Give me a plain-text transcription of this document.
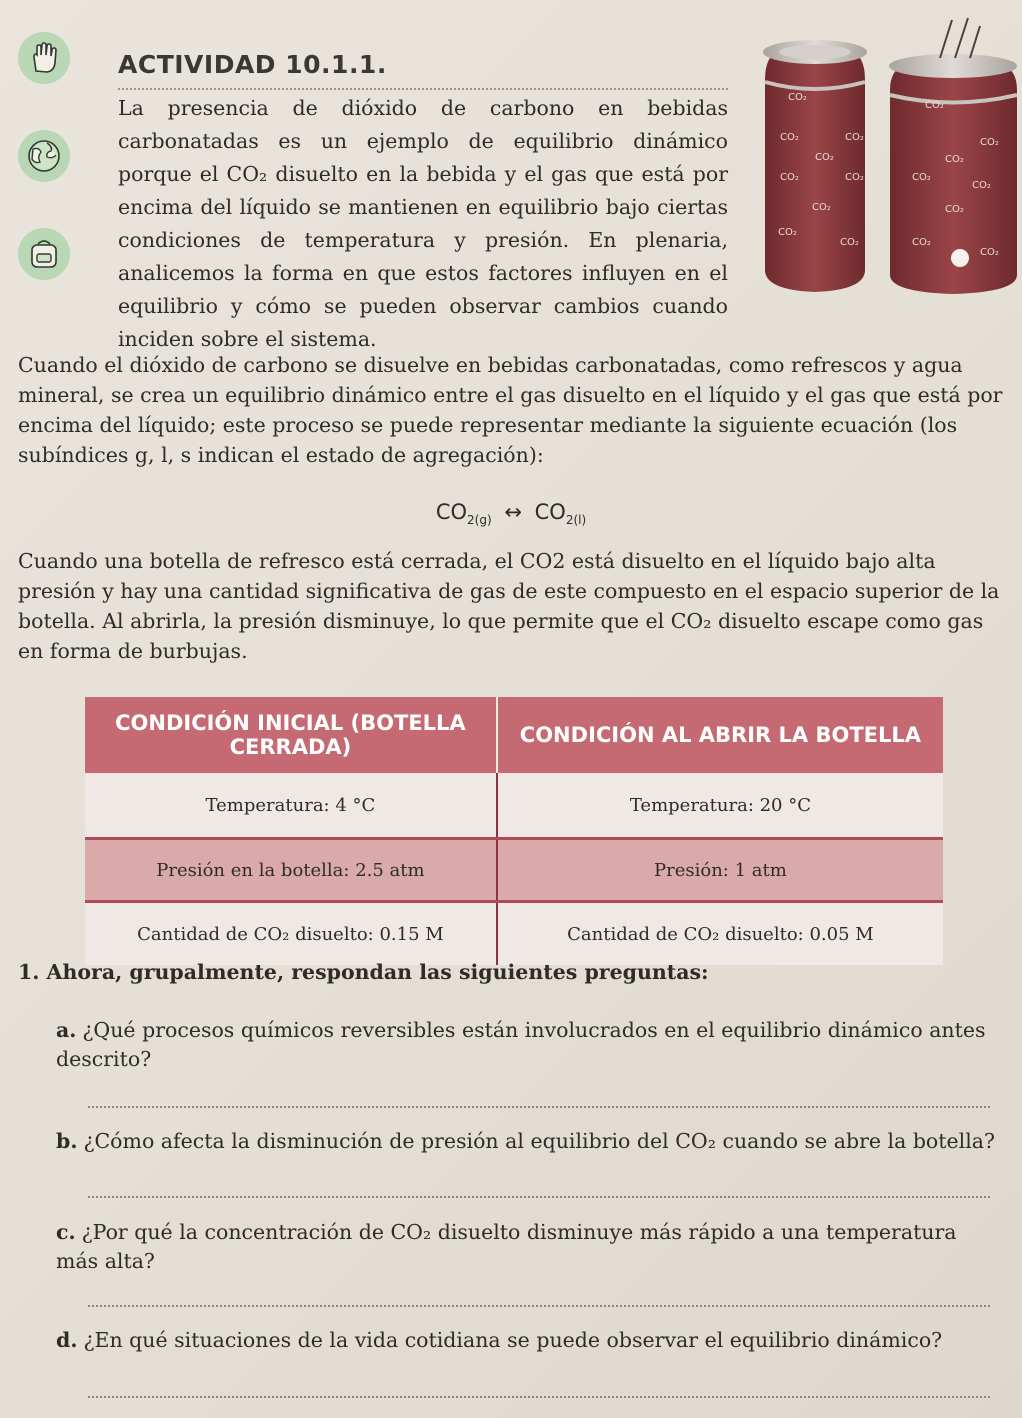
ACTIVIDAD 10.1.1.
La presencia de dióxido de carbono en bebidas carbonatadas es un ejemplo de equilibrio dinámico porque el CO₂ disuelto en la bebida y el gas que está por encima del líquido se mantienen en equilibrio bajo ciertas condiciones de temperatura y presión. En plenaria, analicemos la forma en que estos factores influyen en el equilibrio y cómo se pueden observar cambios cuando inciden sobre el sistema.
CO₂
CO₂	CO₂
CO₂
CO₂	CO₂
CO₂
CO₂
CO₂
CO₂
CO₂
CO₂
CO₂
CO₂
CO₂
CO₂
CO₂
Cuando el dióxido de carbono se disuelve en bebidas carbonatadas, como refrescos y agua mineral, se crea un equilibrio dinámico entre el gas disuelto en el líquido y el gas que está por encima del líquido; este proceso se puede representar mediante la siguiente ecuación (los subíndices g, l, s indican el estado de agregación):
$CO_{2(g)}$ ↔ $CO_{2(l)}$
Cuando una botella de refresco está cerrada, el CO2 está disuelto en el líquido bajo alta presión y hay una cantidad significativa de gas de este compuesto en el espacio superior de la botella. Al abrirla, la presión disminuye, lo que permite que el CO₂ disuelto escape como gas en forma de burbujas.
CONDICIÓN INICIAL (BOTELLA CERRADA)	CONDICIÓN AL ABRIR LA BOTELLA
Temperatura: 4 °C	Temperatura: 20 °C
Presión en la botella: 2.5 atm	Presión: 1 atm
Cantidad de CO₂ disuelto: 0.15 M	Cantidad de CO₂ disuelto: 0.05 M
1. Ahora, grupalmente, respondan las siguientes preguntas:
a. ¿Qué procesos químicos reversibles están involucrados en el equilibrio dinámico antes descrito?
b. ¿Cómo afecta la disminución de presión al equilibrio del CO₂ cuando se abre la botella?
c. ¿Por qué la concentración de CO₂ disuelto disminuye más rápido a una temperatura más alta?
d. ¿En qué situaciones de la vida cotidiana se puede observar el equilibrio dinámico?
